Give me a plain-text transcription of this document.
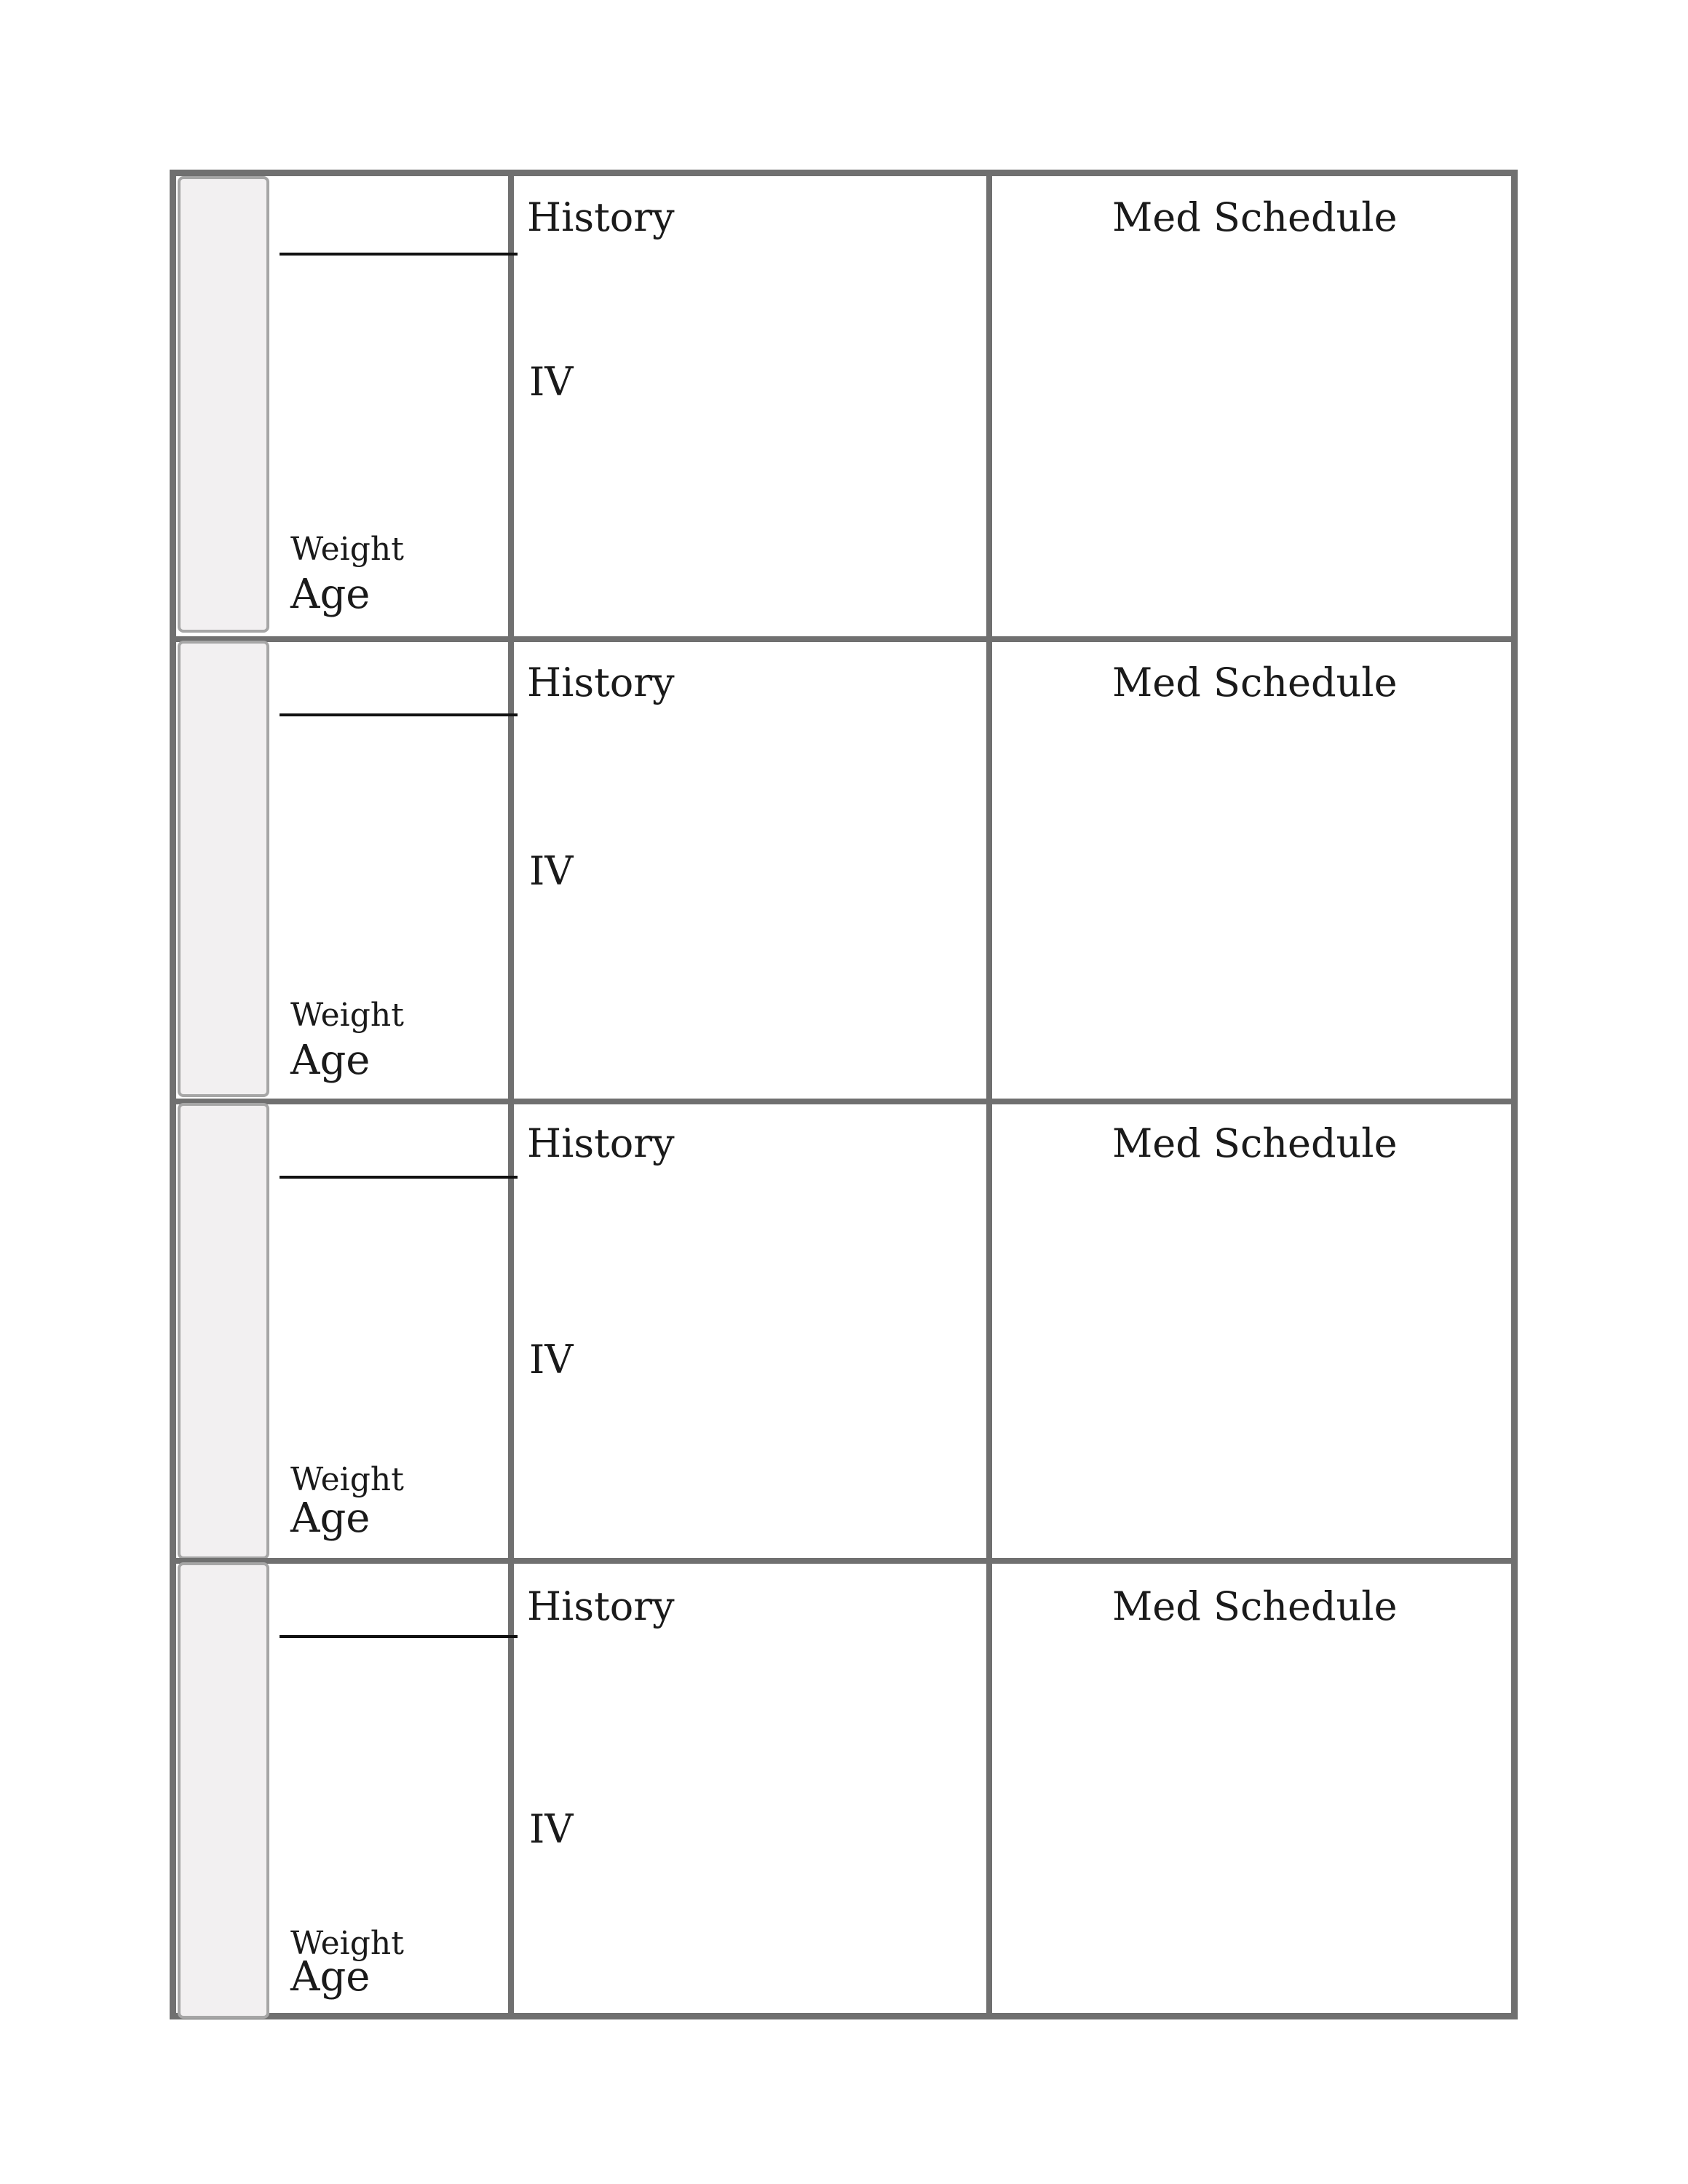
History
IV
Med Schedule
Weight
Age
History
IV
Med Schedule
Weight
Age
History
IV
Med Schedule
Weight
Age
History
IV
Med Schedule
Weight
Age
